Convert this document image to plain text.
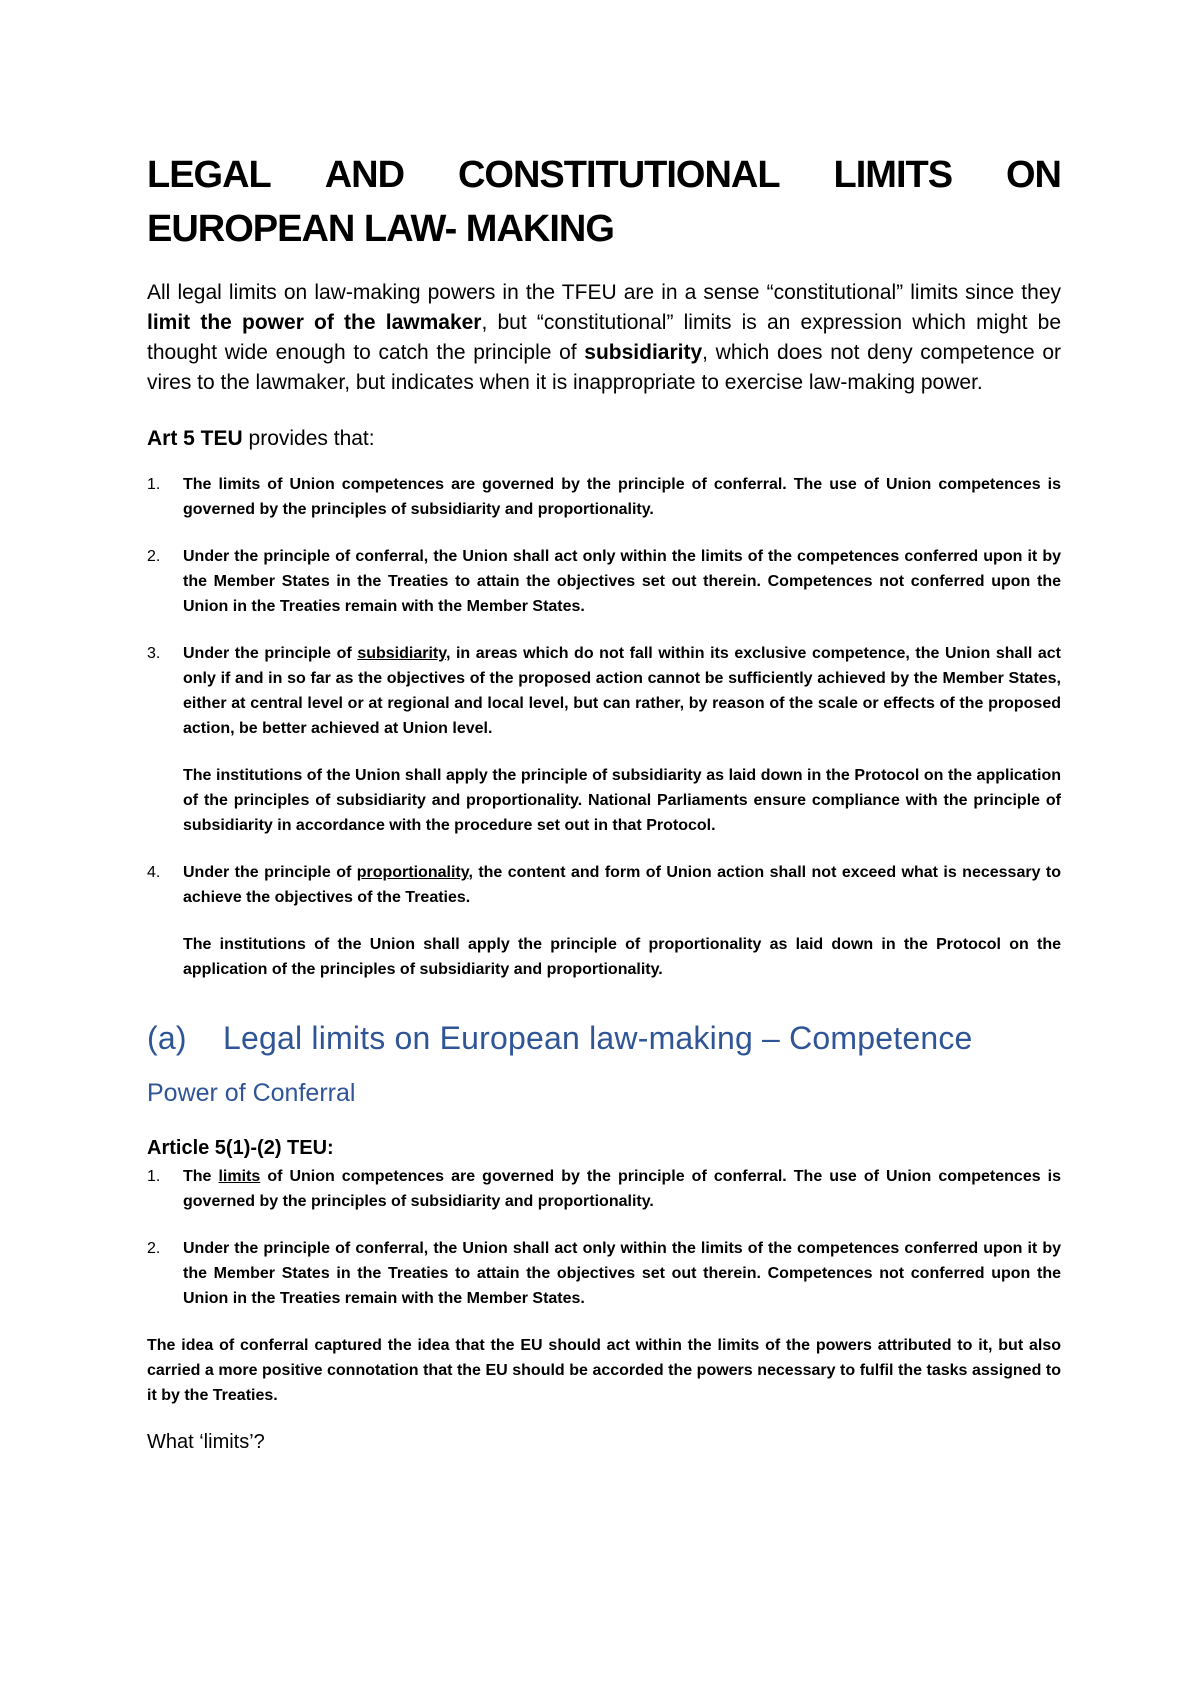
LEGAL AND CONSTITUTIONAL LIMITS ON
EUROPEAN LAW- MAKING

All legal limits on law-making powers in the TFEU are in a sense “constitutional” limits since they limit the power of the lawmaker, but “constitutional” limits is an expression which might be thought wide enough to catch the principle of subsidiarity, which does not deny competence or vires to the lawmaker, but indicates when it is inappropriate to exercise law-making power.

Art 5 TEU provides that:

1. The limits of Union competences are governed by the principle of conferral. The use of Union competences is governed by the principles of subsidiarity and proportionality.

2. Under the principle of conferral, the Union shall act only within the limits of the competences conferred upon it by the Member States in the Treaties to attain the objectives set out therein. Competences not conferred upon the Union in the Treaties remain with the Member States.

3. Under the principle of subsidiarity, in areas which do not fall within its exclusive competence, the Union shall act only if and in so far as the objectives of the proposed action cannot be sufficiently achieved by the Member States, either at central level or at regional and local level, but can rather, by reason of the scale or effects of the proposed action, be better achieved at Union level.

The institutions of the Union shall apply the principle of subsidiarity as laid down in the Protocol on the application of the principles of subsidiarity and proportionality. National Parliaments ensure compliance with the principle of subsidiarity in accordance with the procedure set out in that Protocol.

4. Under the principle of proportionality, the content and form of Union action shall not exceed what is necessary to achieve the objectives of the Treaties.

The institutions of the Union shall apply the principle of proportionality as laid down in the Protocol on the application of the principles of subsidiarity and proportionality.

(a) Legal limits on European law-making – Competence
Power of Conferral

Article 5(1)-(2) TEU:

1. The limits of Union competences are governed by the principle of conferral. The use of Union competences is governed by the principles of subsidiarity and proportionality.

2. Under the principle of conferral, the Union shall act only within the limits of the competences conferred upon it by the Member States in the Treaties to attain the objectives set out therein. Competences not conferred upon the Union in the Treaties remain with the Member States.

The idea of conferral captured the idea that the EU should act within the limits of the powers attributed to it, but also carried a more positive connotation that the EU should be accorded the powers necessary to fulfil the tasks assigned to it by the Treaties.

What ‘limits’?
